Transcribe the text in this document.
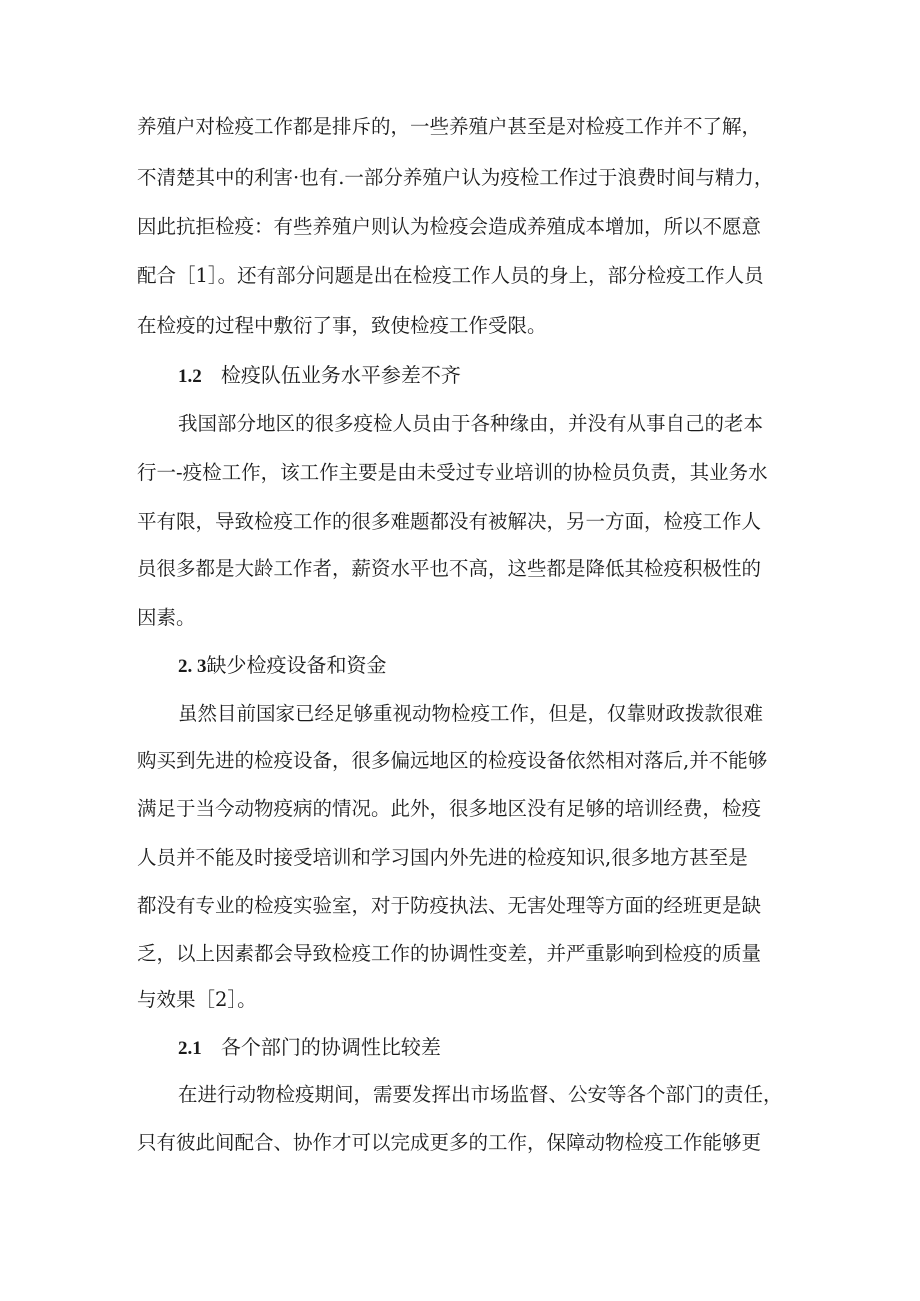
养殖户对检疫工作都是排斥的，一些养殖户甚至是对检疫工作并不了解，
不清楚其中的利害·也有.一部分养殖户认为疫检工作过于浪费时间与精力，
因此抗拒检疫：有些养殖户则认为检疫会造成养殖成本增加，所以不愿意
配合［1］。还有部分问题是出在检疫工作人员的身上，部分检疫工作人员
在检疫的过程中敷衍了事，致使检疫工作受限。
1.2 检疫队伍业务水平参差不齐
我国部分地区的很多疫检人员由于各种缘由，并没有从事自己的老本
行一-疫检工作，该工作主要是由未受过专业培训的协检员负责，其业务水
平有限，导致检疫工作的很多难题都没有被解决，另一方面，检疫工作人
员很多都是大龄工作者，薪资水平也不高，这些都是降低其检疫积极性的
因素。
2. 3缺少检疫设备和资金
虽然目前国家已经足够重视动物检疫工作，但是，仅靠财政拨款很难
购买到先进的检疫设备，很多偏远地区的检疫设备依然相对落后,并不能够
满足于当今动物疫病的情况。此外，很多地区没有足够的培训经费，检疫
人员并不能及时接受培训和学习国内外先进的检疫知识,很多地方甚至是
都没有专业的检疫实验室，对于防疫执法、无害处理等方面的经班更是缺
乏，以上因素都会导致检疫工作的协调性变差，并严重影响到检疫的质量
与效果［2］。
2.1 各个部门的协调性比较差
在进行动物检疫期间，需要发挥出市场监督、公安等各个部门的责任，
只有彼此间配合、协作才可以完成更多的工作，保障动物检疫工作能够更
